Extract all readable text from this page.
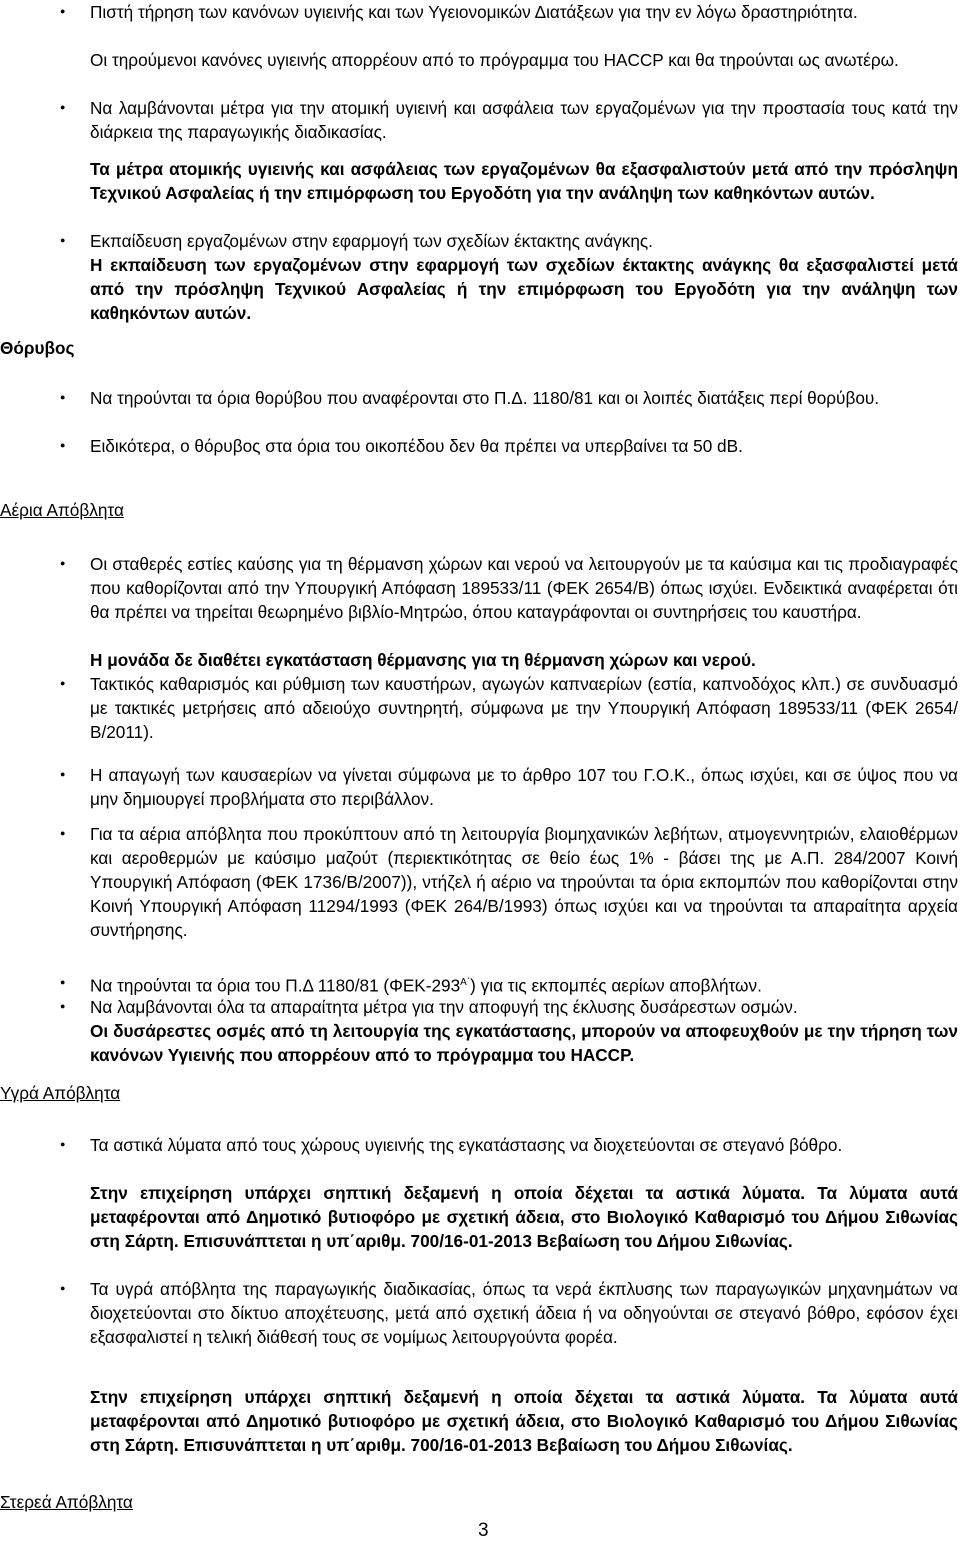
● Πιστή τήρηση των κανόνων υγιεινής και των Υγειονομικών Διατάξεων για την εν λόγω δραστηριότητα.
Οι τηρούμενοι κανόνες υγιεινής απορρέουν από το πρόγραμμα του HACCP και θα τηρούνται ως ανωτέρω.
● Να λαμβάνονται μέτρα για την ατομική υγιεινή και ασφάλεια των εργαζομένων για την προστασία τους κατά την διάρκεια της παραγωγικής διαδικασίας.
Τα μέτρα ατομικής υγιεινής και ασφάλειας των εργαζομένων θα εξασφαλιστούν μετά από την πρόσληψη Τεχνικού Ασφαλείας ή την επιμόρφωση του Εργοδότη για την ανάληψη των καθηκόντων αυτών.
● Εκπαίδευση εργαζομένων στην εφαρμογή των σχεδίων έκτακτης ανάγκης.
Η εκπαίδευση των εργαζομένων στην εφαρμογή των σχεδίων έκτακτης ανάγκης θα εξασφαλιστεί μετά από την πρόσληψη Τεχνικού Ασφαλείας ή την επιμόρφωση του Εργοδότη για την ανάληψη των καθηκόντων αυτών.
Θόρυβος
● Να τηρούνται τα όρια θορύβου που αναφέρονται στο Π.Δ. 1180/81 και οι λοιπές διατάξεις περί θορύβου.
● Ειδικότερα, ο θόρυβος στα όρια του οικοπέδου δεν θα πρέπει να υπερβαίνει τα 50 dB.
Αέρια Απόβλητα
● Οι σταθερές εστίες καύσης για τη θέρμανση χώρων και νερού να λειτουργούν με τα καύσιμα και τις προδιαγραφές που καθορίζονται από την Υπουργική Απόφαση 189533/11 (ΦΕΚ 2654/Β) όπως ισχύει. Ενδεικτικά αναφέρεται ότι θα πρέπει να τηρείται θεωρημένο βιβλίο-Μητρώο, όπου καταγράφονται οι συντηρήσεις του καυστήρα.
Η μονάδα δε διαθέτει εγκατάσταση θέρμανσης για τη θέρμανση χώρων και νερού.
● Τακτικός καθαρισμός και ρύθμιση των καυστήρων, αγωγών καπναερίων (εστία, καπνοδόχος κλπ.) σε συνδυασμό με τακτικές μετρήσεις από αδειούχο συντηρητή, σύμφωνα με την Υπουργική Απόφαση 189533/11 (ΦΕΚ 2654/Β/2011).
● Η απαγωγή των καυσαερίων να γίνεται σύμφωνα με το άρθρο 107 του Γ.Ο.Κ., όπως ισχύει, και σε ύψος που να μην δημιουργεί προβλήματα στο περιβάλλον.
● Για τα αέρια απόβλητα που προκύπτουν από τη λειτουργία βιομηχανικών λεβήτων, ατμογεννητριών, ελαιοθέρμων και αεροθερμών με καύσιμο μαζούτ (περιεκτικότητας σε θείο έως 1% - βάσει της με Α.Π. 284/2007 Κοινή Υπουργική Απόφαση (ΦΕΚ 1736/Β/2007)), ντήζελ ή αέριο να τηρούνται τα όρια εκπομπών που καθορίζονται στην Κοινή Υπουργική Απόφαση 11294/1993 (ΦΕΚ 264/Β/1993) όπως ισχύει και να τηρούνται τα απαραίτητα αρχεία συντήρησης.
● Να τηρούνται τα όρια του Π.Δ 1180/81 $(\Phi EK-293^{A΄})$ για τις εκπομπές αερίων αποβλήτων.
● Να λαμβάνονται όλα τα απαραίτητα μέτρα για την αποφυγή της έκλυσης δυσάρεστων οσμών.
Οι δυσάρεστες οσμές από τη λειτουργία της εγκατάστασης, μπορούν να αποφευχθούν με την τήρηση των κανόνων Υγιεινής που απορρέουν από το πρόγραμμα του HACCP.
Υγρά Απόβλητα
● Τα αστικά λύματα από τους χώρους υγιεινής της εγκατάστασης να διοχετεύονται σε στεγανό βόθρο.
Στην επιχείρηση υπάρχει σηπτική δεξαμενή η οποία δέχεται τα αστικά λύματα. Τα λύματα αυτά μεταφέρονται από Δημοτικό βυτιοφόρο με σχετική άδεια, στο Βιολογικό Καθαρισμό του Δήμου Σιθωνίας στη Σάρτη. Επισυνάπτεται η υπ΄αριθμ. 700/16-01-2013 Βεβαίωση του Δήμου Σιθωνίας.
● Τα υγρά απόβλητα της παραγωγικής διαδικασίας, όπως τα νερά έκπλυσης των παραγωγικών μηχανημάτων να διοχετεύονται στο δίκτυο αποχέτευσης, μετά από σχετική άδεια ή να οδηγούνται σε στεγανό βόθρο, εφόσον έχει εξασφαλιστεί η τελική διάθεσή τους σε νομίμως λειτουργούντα φορέα.
Στην επιχείρηση υπάρχει σηπτική δεξαμενή η οποία δέχεται τα αστικά λύματα. Τα λύματα αυτά μεταφέρονται από Δημοτικό βυτιοφόρο με σχετική άδεια, στο Βιολογικό Καθαρισμό του Δήμου Σιθωνίας στη Σάρτη. Επισυνάπτεται η υπ΄αριθμ. 700/16-01-2013 Βεβαίωση του Δήμου Σιθωνίας.
Στερεά Απόβλητα
3
